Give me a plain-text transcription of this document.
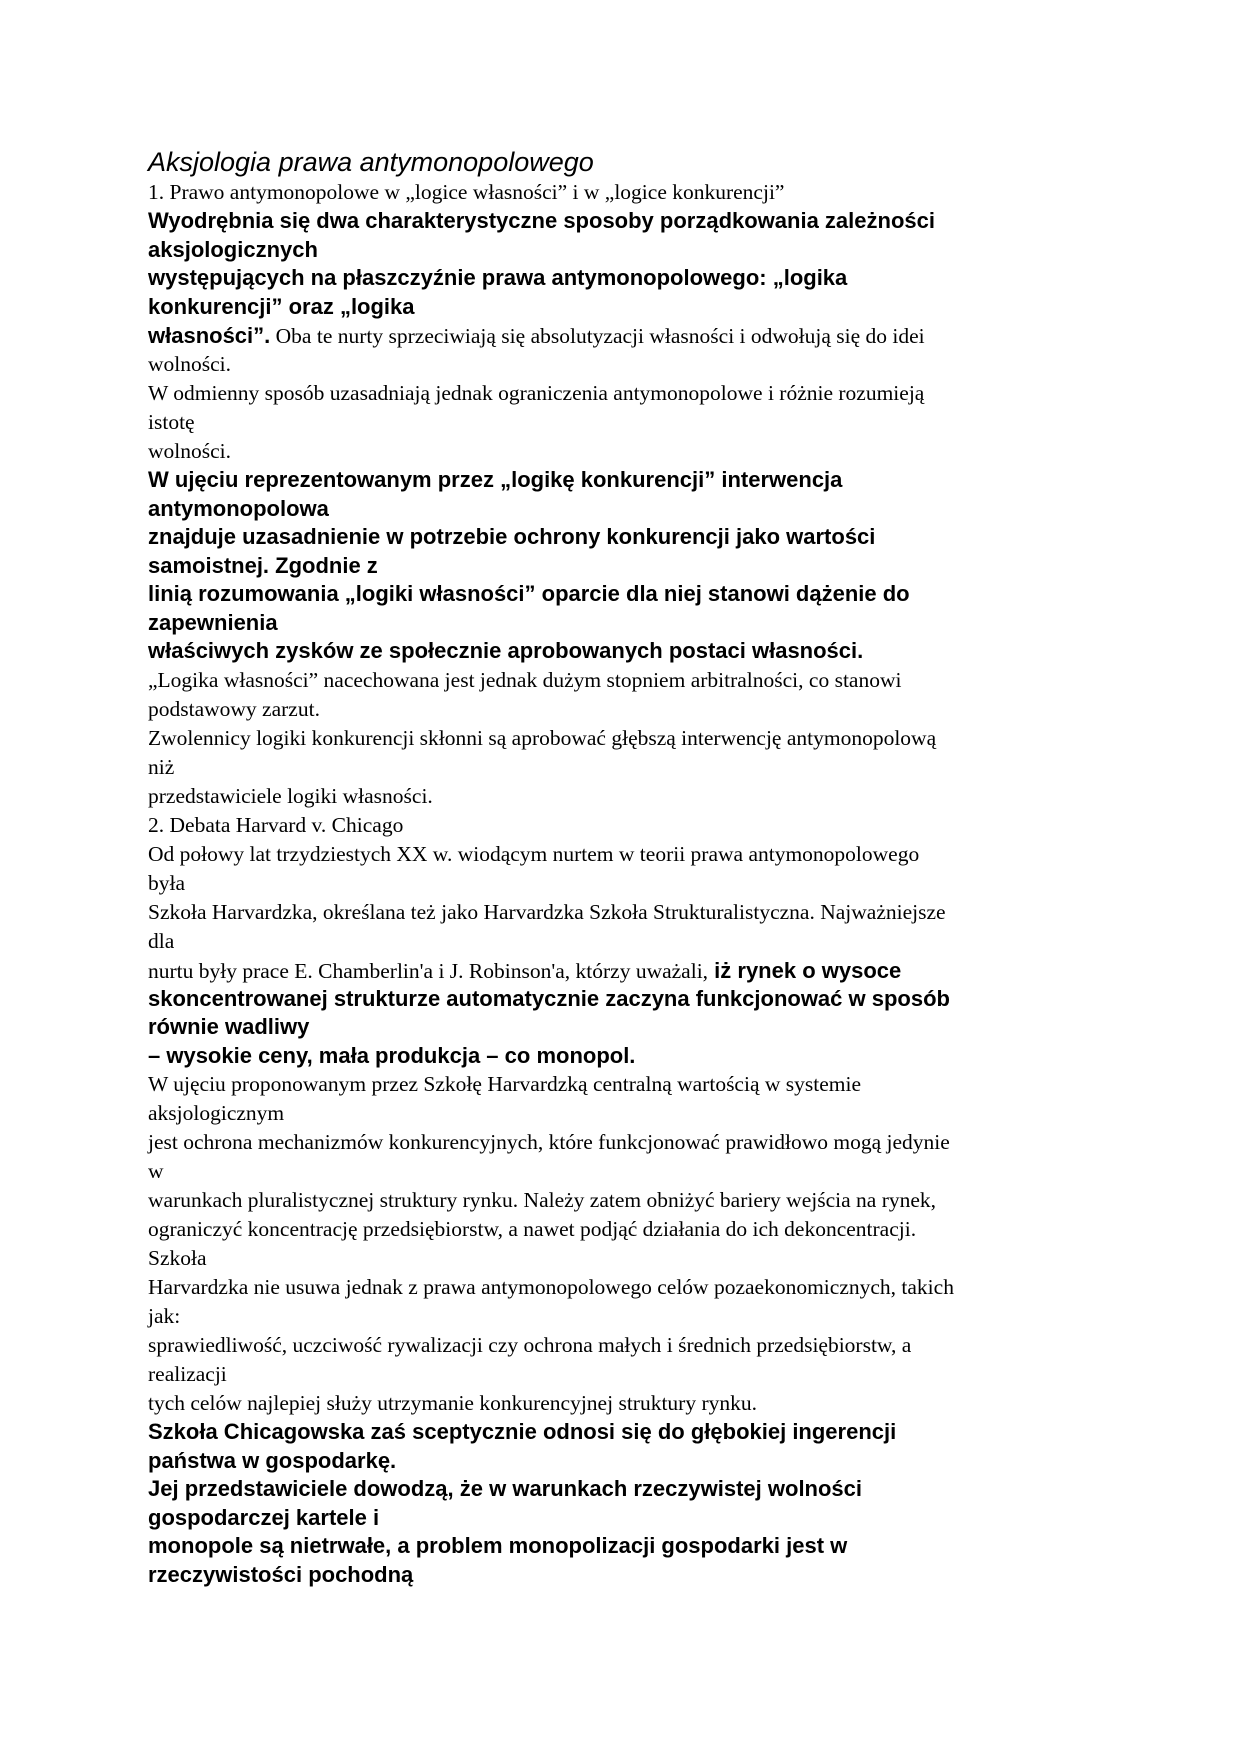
Aksjologia prawa antymonopolowego
1. Prawo antymonopolowe w „logice własności” i w „logice konkurencji”
Wyodrębnia się dwa charakterystyczne sposoby porządkowania zależności
aksjologicznych
występujących na płaszczyźnie prawa antymonopolowego: „logika
konkurencji” oraz „logika
własności”. Oba te nurty sprzeciwiają się absolutyzacji własności i odwołują się do idei
wolności.
W odmienny sposób uzasadniają jednak ograniczenia antymonopolowe i różnie rozumieją
istotę
wolności.
W ujęciu reprezentowanym przez „logikę konkurencji” interwencja
antymonopolowa
znajduje uzasadnienie w potrzebie ochrony konkurencji jako wartości
samoistnej. Zgodnie z
linią rozumowania „logiki własności” oparcie dla niej stanowi dążenie do
zapewnienia
właściwych zysków ze społecznie aprobowanych postaci własności.
„Logika własności” nacechowana jest jednak dużym stopniem arbitralności, co stanowi
podstawowy zarzut.
Zwolennicy logiki konkurencji skłonni są aprobować głębszą interwencję antymonopolową
niż
przedstawiciele logiki własności.
2. Debata Harvard v. Chicago
Od połowy lat trzydziestych XX w. wiodącym nurtem w teorii prawa antymonopolowego
była
Szkoła Harvardzka, określana też jako Harvardzka Szkoła Strukturalistyczna. Najważniejsze
dla
nurtu były prace E. Chamberlin'a i J. Robinson'a, którzy uważali, iż rynek o wysoce
skoncentrowanej strukturze automatycznie zaczyna funkcjonować w sposób
równie wadliwy
– wysokie ceny, mała produkcja – co monopol.
W ujęciu proponowanym przez Szkołę Harvardzką centralną wartością w systemie
aksjologicznym
jest ochrona mechanizmów konkurencyjnych, które funkcjonować prawidłowo mogą jedynie
w
warunkach pluralistycznej struktury rynku. Należy zatem obniżyć bariery wejścia na rynek,
ograniczyć koncentrację przedsiębiorstw, a nawet podjąć działania do ich dekoncentracji.
Szkoła
Harvardzka nie usuwa jednak z prawa antymonopolowego celów pozaekonomicznych, takich
jak:
sprawiedliwość, uczciwość rywalizacji czy ochrona małych i średnich przedsiębiorstw, a
realizacji
tych celów najlepiej służy utrzymanie konkurencyjnej struktury rynku.
Szkoła Chicagowska zaś sceptycznie odnosi się do głębokiej ingerencji
państwa w gospodarkę.
Jej przedstawiciele dowodzą, że w warunkach rzeczywistej wolności
gospodarczej kartele i
monopole są nietrwałe, a problem monopolizacji gospodarki jest w
rzeczywistości pochodną
